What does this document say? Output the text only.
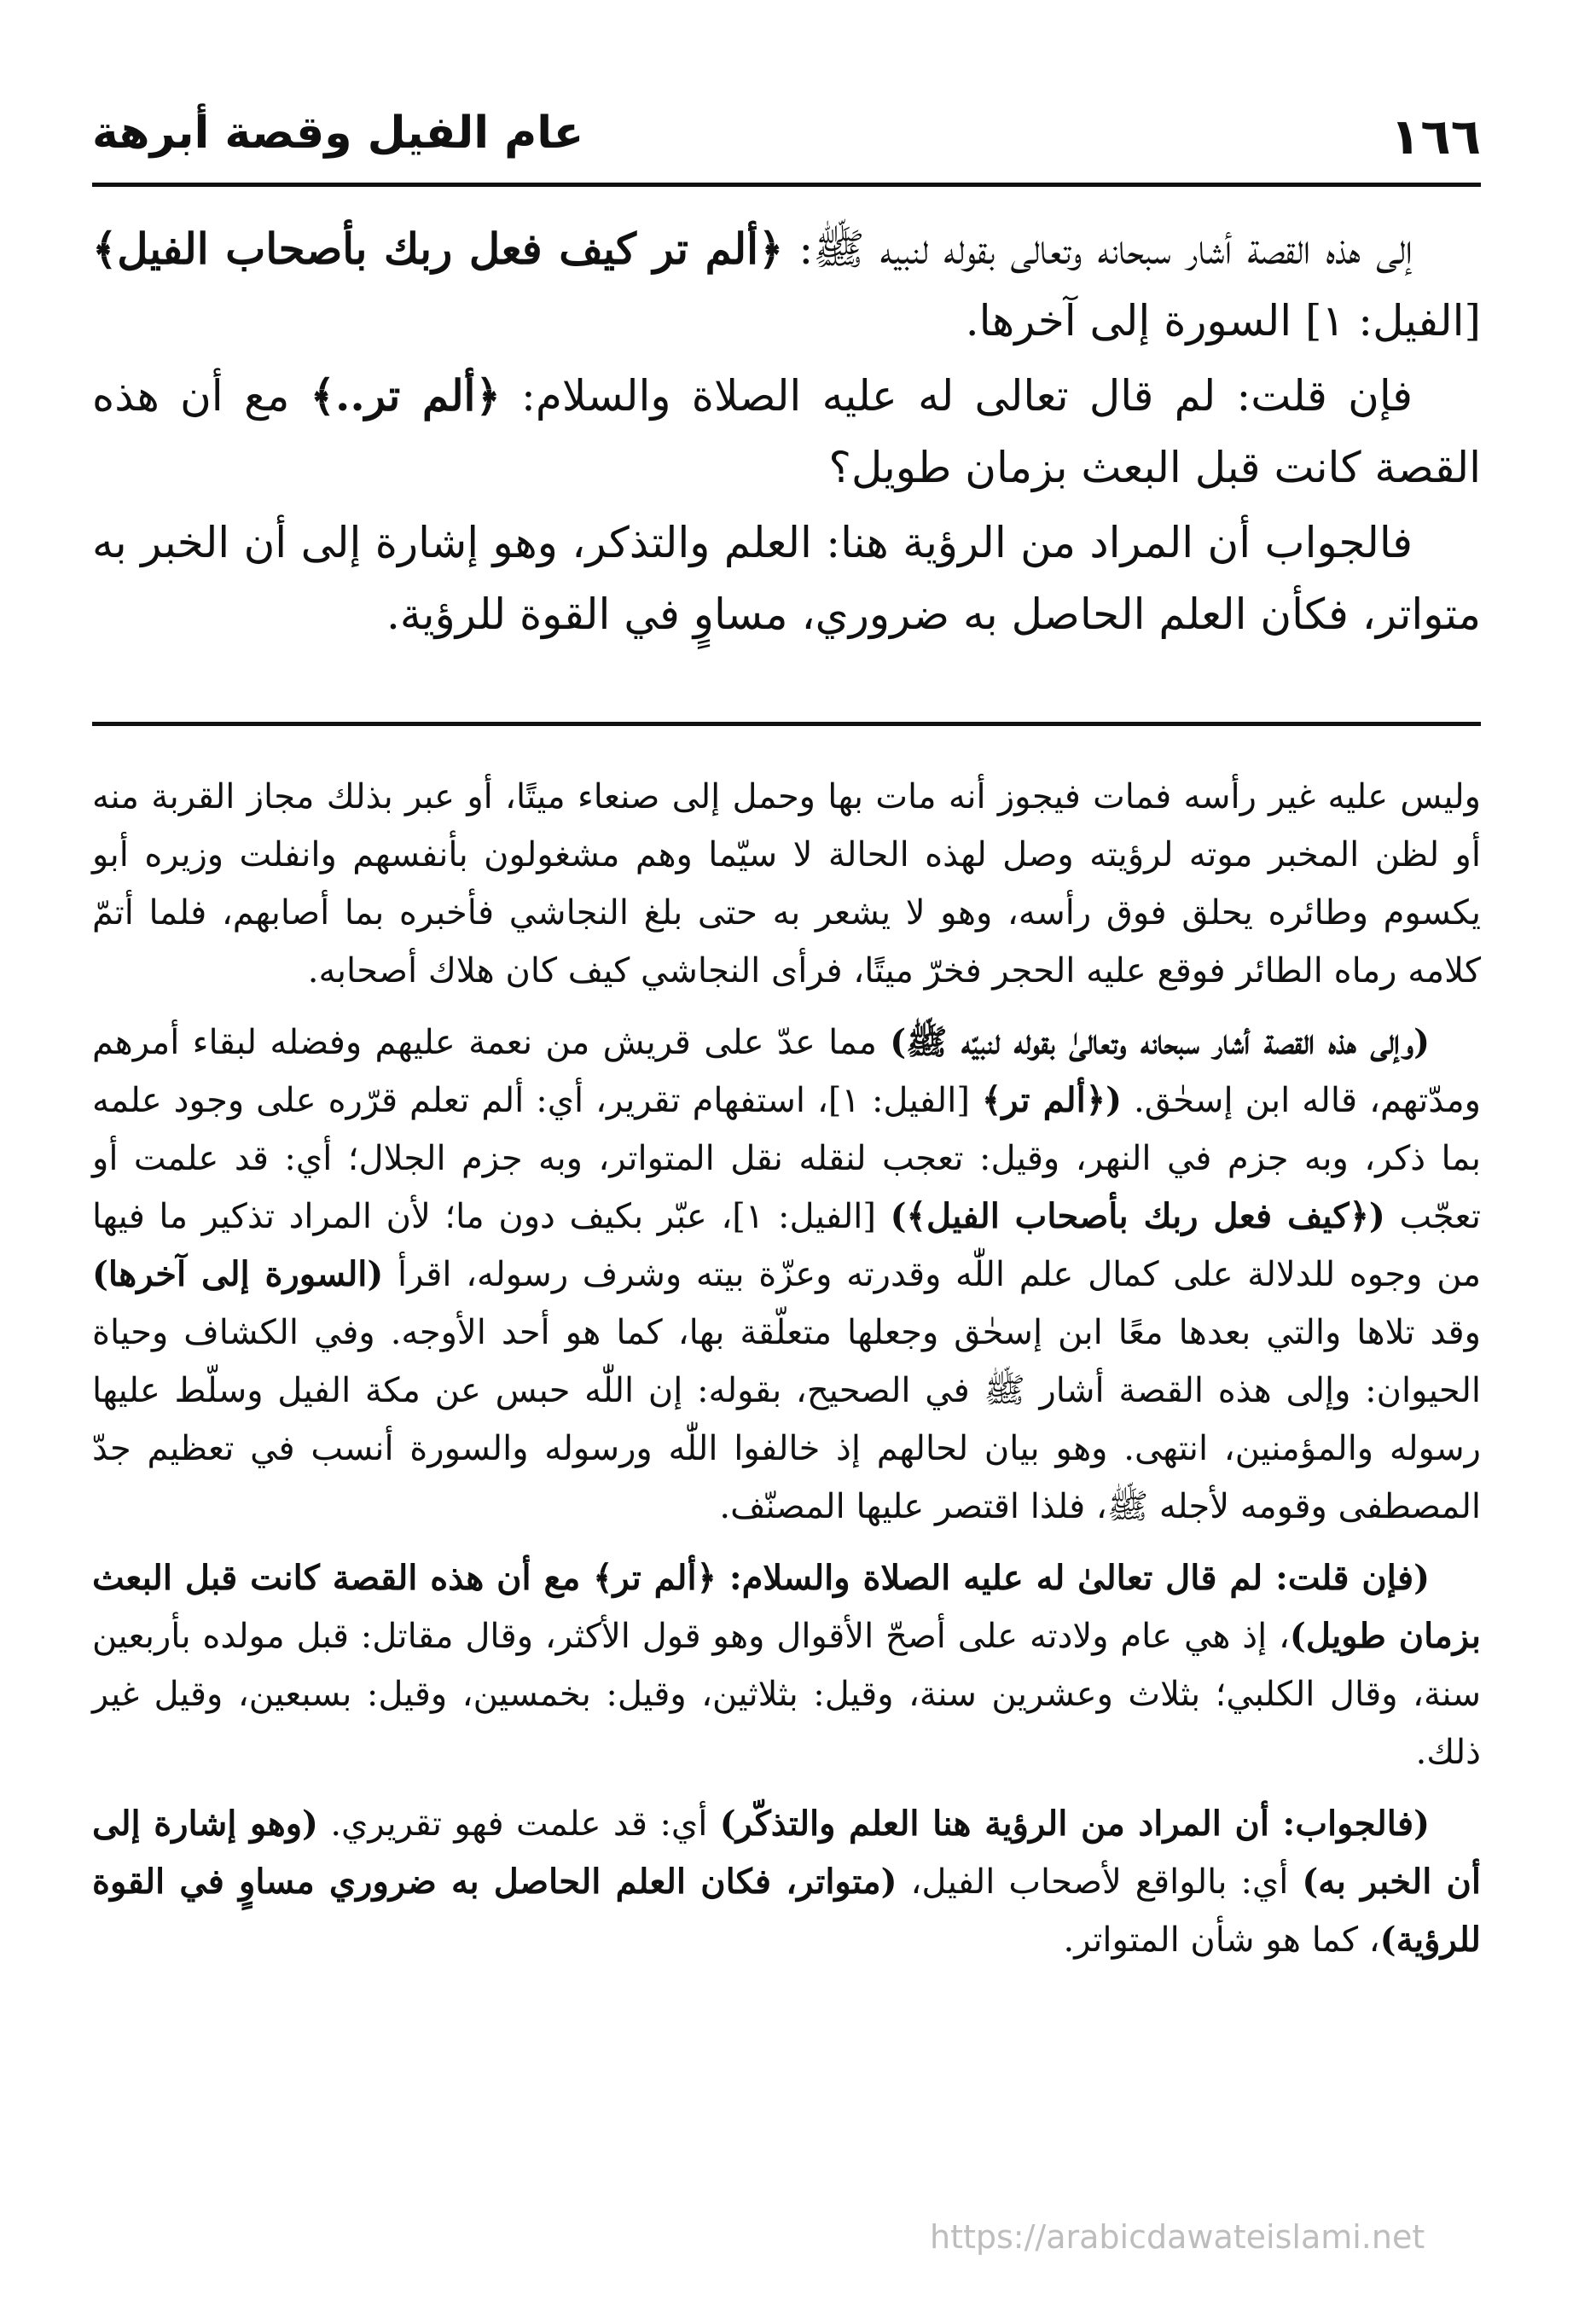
١٦٦
عام الفيل وقصة أبرهة

إلى هذه القصة أشار سبحانه وتعالى بقوله لنبيه ﷺ: ﴿ألم تر كيف فعل ربك بأصحاب الفيل﴾ [الفيل: ١] السورة إلى آخرها.

فإن قلت: لم قال تعالى له عليه الصلاة والسلام: ﴿ألم تر..﴾ مع أن هذه القصة كانت قبل البعث بزمان طويل؟

فالجواب أن المراد من الرؤية هنا: العلم والتذكر، وهو إشارة إلى أن الخبر به متواتر، فكأن العلم الحاصل به ضروري، مساوٍ في القوة للرؤية.

وليس عليه غير رأسه فمات فيجوز أنه مات بها وحمل إلى صنعاء ميتًا، أو عبر بذلك مجاز القربة منه أو لظن المخبر موته لرؤيته وصل لهذه الحالة لا سيّما وهم مشغولون بأنفسهم وانفلت وزيره أبو يكسوم وطائره يحلق فوق رأسه، وهو لا يشعر به حتى بلغ النجاشي فأخبره بما أصابهم، فلما أتمّ كلامه رماه الطائر فوقع عليه الحجر فخرّ ميتًا، فرأى النجاشي كيف كان هلاك أصحابه.

(وإلى هذه القصة أشار سبحانه وتعالىٰ بقوله لنبيّه ﷺ) مما عدّ على قريش من نعمة عليهم وفضله لبقاء أمرهم ومدّتهم، قاله ابن إسحٰق. (﴿ألم تر﴾ [الفيل: ١]، استفهام تقرير، أي: ألم تعلم قرّره على وجود علمه بما ذكر، وبه جزم في النهر، وقيل: تعجب لنقله نقل المتواتر، وبه جزم الجلال؛ أي: قد علمت أو تعجّب (﴿كيف فعل ربك بأصحاب الفيل﴾) [الفيل: ١]، عبّر بكيف دون ما؛ لأن المراد تذكير ما فيها من وجوه للدلالة على كمال علم اللّٰه وقدرته وعزّة بيته وشرف رسوله، اقرأ (السورة إلى آخرها) وقد تلاها والتي بعدها معًا ابن إسحٰق وجعلها متعلّقة بها، كما هو أحد الأوجه. وفي الكشاف وحياة الحيوان: وإلى هذه القصة أشار ﷺ في الصحيح، بقوله: إن اللّٰه حبس عن مكة الفيل وسلّط عليها رسوله والمؤمنين، انتهى. وهو بيان لحالهم إذ خالفوا اللّٰه ورسوله والسورة أنسب في تعظيم جدّ المصطفى وقومه لأجله ﷺ، فلذا اقتصر عليها المصنّف.

(فإن قلت: لم قال تعالىٰ له عليه الصلاة والسلام: ﴿ألم تر﴾ مع أن هذه القصة كانت قبل البعث بزمان طويل)، إذ هي عام ولادته على أصحّ الأقوال وهو قول الأكثر، وقال مقاتل: قبل مولده بأربعين سنة، وقال الكلبي؛ بثلاث وعشرين سنة، وقيل: بثلاثين، وقيل: بخمسين، وقيل: بسبعين، وقيل غير ذلك.

(فالجواب: أن المراد من الرؤية هنا العلم والتذكّر) أي: قد علمت فهو تقريري. (وهو إشارة إلى أن الخبر به) أي: بالواقع لأصحاب الفيل، (متواتر، فكان العلم الحاصل به ضروري مساوٍ في القوة للرؤية)، كما هو شأن المتواتر.

https://arabicdawateislami.net
